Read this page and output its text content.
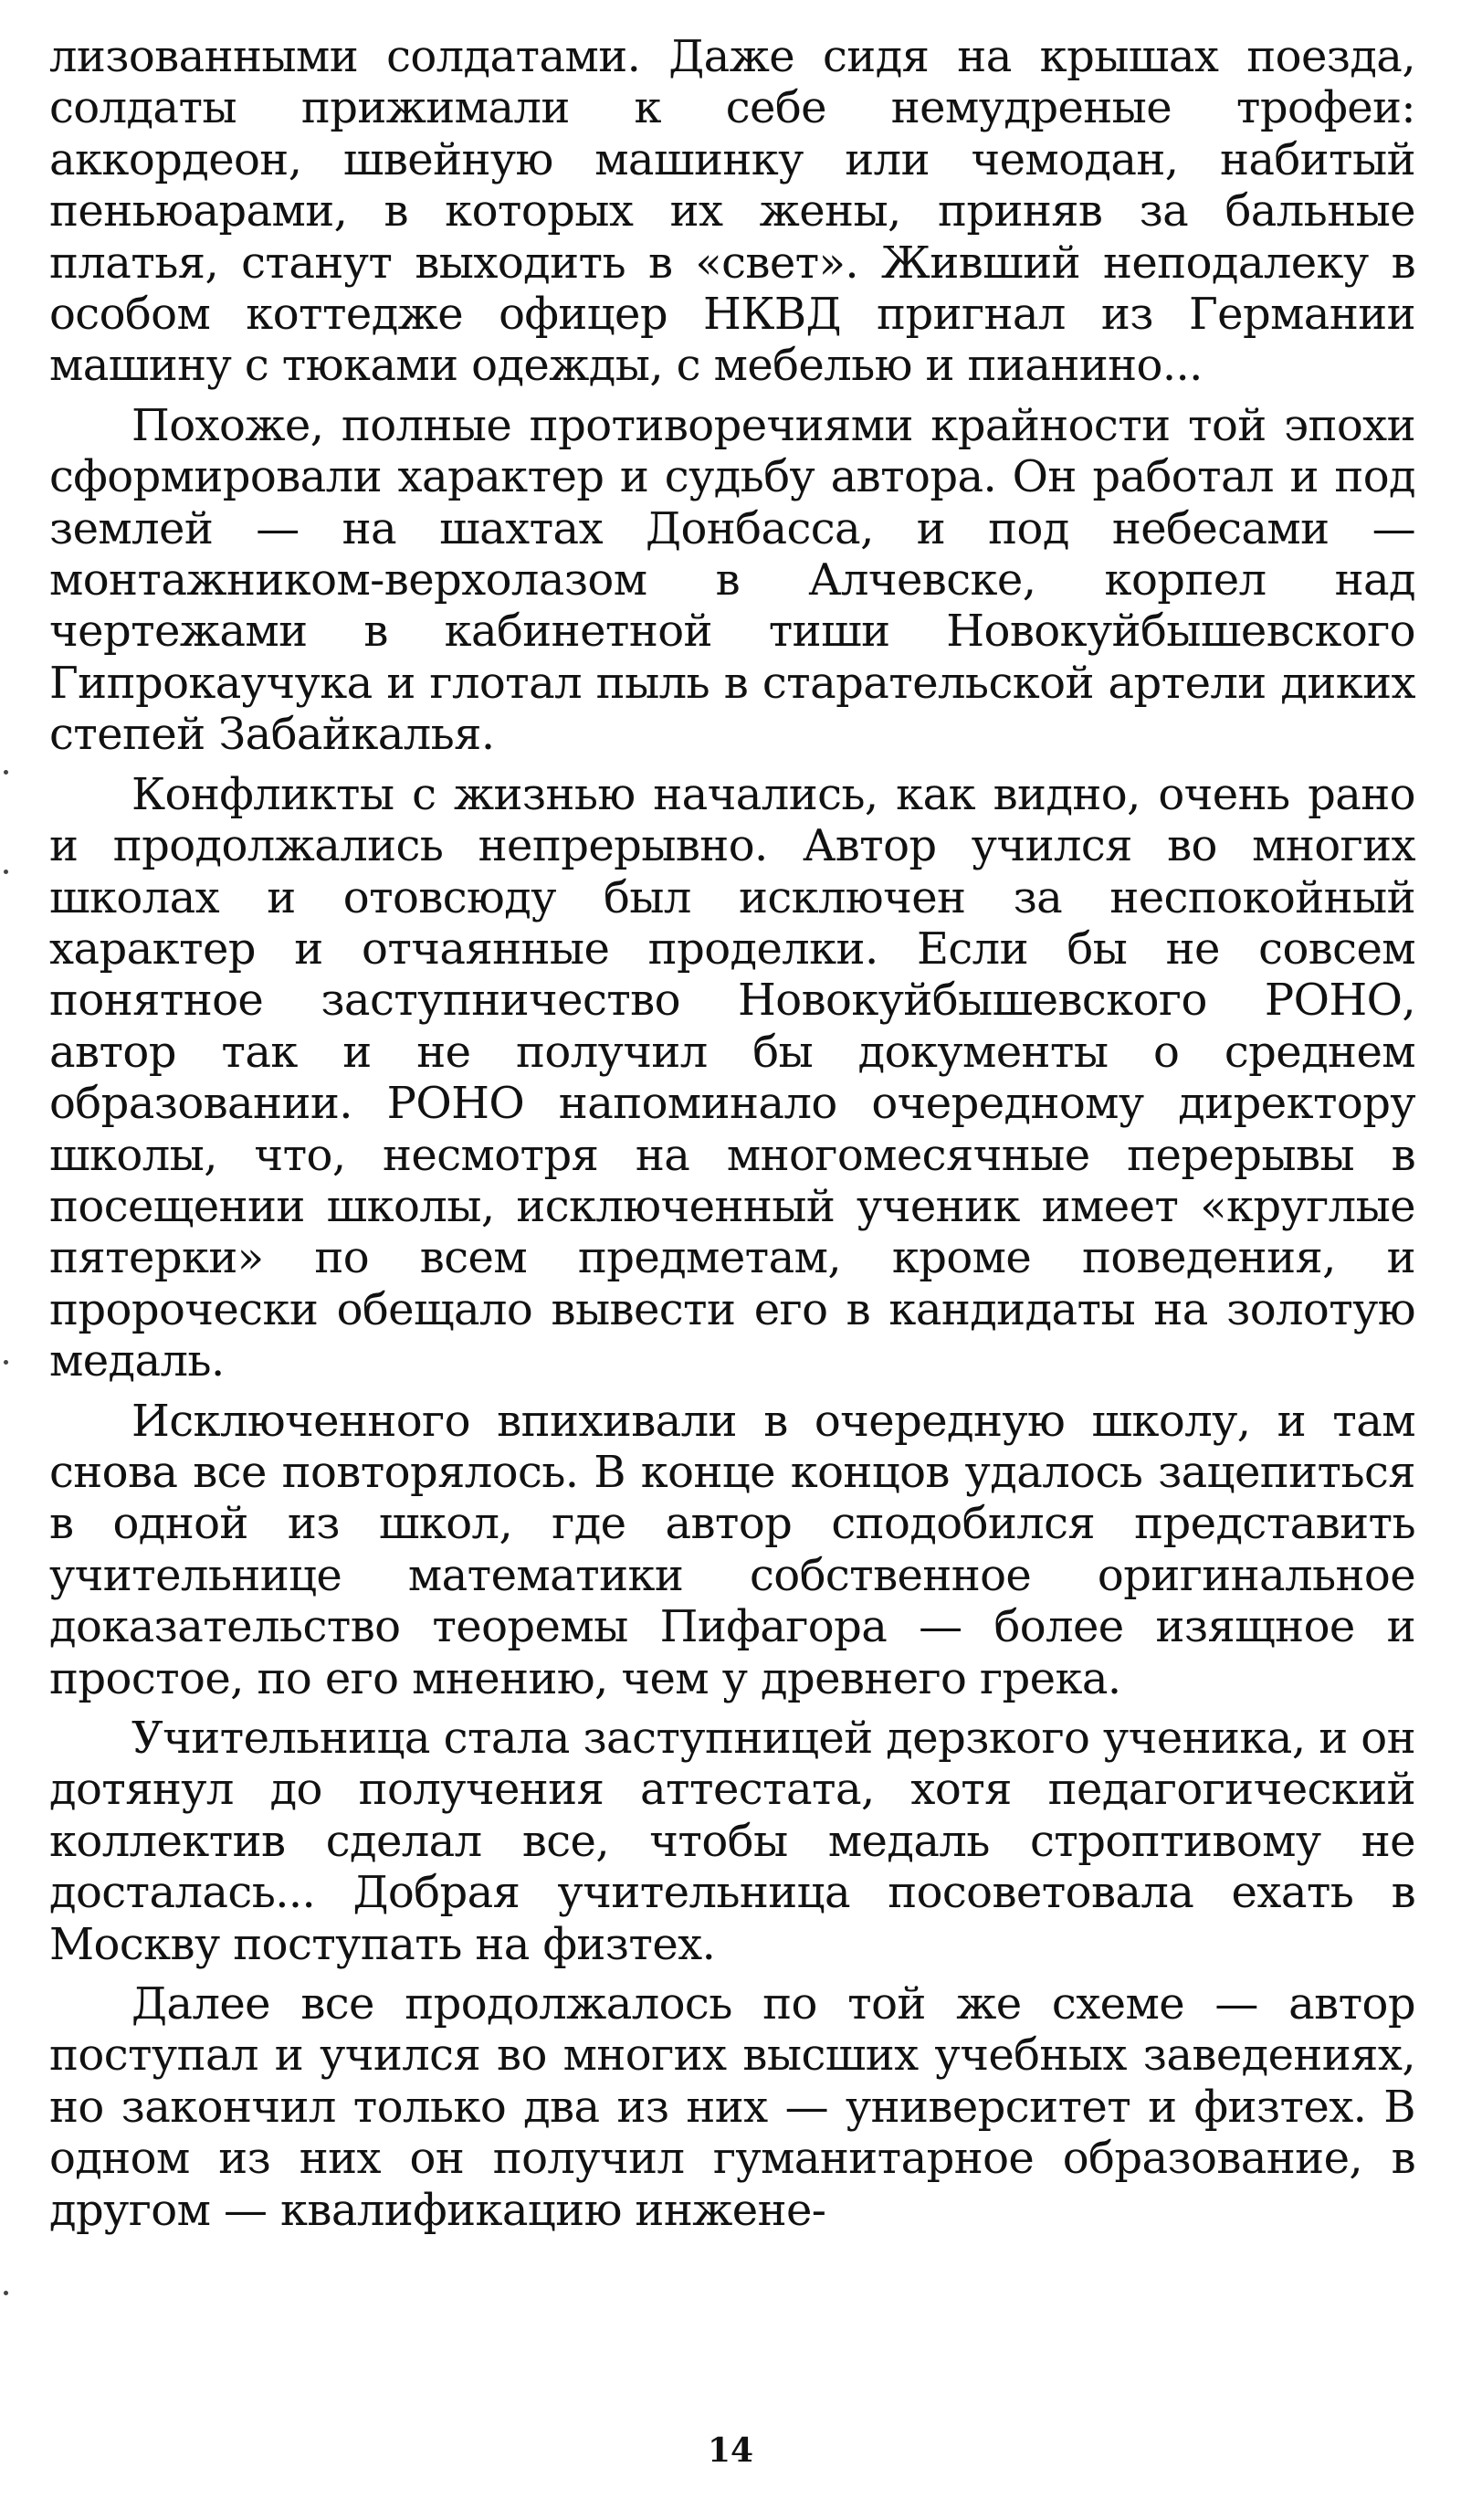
лизованными солдатами. Даже сидя на крышах поезда, солдаты прижимали к себе немудреные трофеи: аккордеон, швейную машинку или чемодан, набитый пеньюарами, в которых их жены, приняв за бальные платья, станут выходить в «свет». Живший неподалеку в особом коттедже офицер НКВД пригнал из Германии машину с тюками одежды, с мебелью и пианино...

Похоже, полные противоречиями крайности той эпохи сформировали характер и судьбу автора. Он работал и под землей — на шахтах Донбасса, и под небесами — монтажником-верхолазом в Алчевске, корпел над чертежами в кабинетной тиши Новокуйбышевского Гипрокаучука и глотал пыль в старательской артели диких степей Забайкалья.

Конфликты с жизнью начались, как видно, очень рано и продолжались непрерывно. Автор учился во многих школах и отовсюду был исключен за неспокойный характер и отчаянные проделки. Если бы не совсем понятное заступничество Новокуйбышевского РОНО, автор так и не получил бы документы о среднем образовании. РОНО напоминало очередному директору школы, что, несмотря на многомесячные перерывы в посещении школы, исключенный ученик имеет «круглые пятерки» по всем предметам, кроме поведения, и пророчески обещало вывести его в кандидаты на золотую медаль.

Исключенного впихивали в очередную школу, и там снова все повторялось. В конце концов удалось зацепиться в одной из школ, где автор сподобился представить учительнице математики собственное оригинальное доказательство теоремы Пифагора — более изящное и простое, по его мнению, чем у древнего грека.

Учительница стала заступницей дерзкого ученика, и он дотянул до получения аттестата, хотя педагогический коллектив сделал все, чтобы медаль строптивому не досталась... Добрая учительница посоветовала ехать в Москву поступать на физтех.

Далее все продолжалось по той же схеме — автор поступал и учился во многих высших учебных заведениях, но закончил только два из них — университет и физтех. В одном из них он получил гуманитарное образование, в другом — квалификацию инжене-

14
